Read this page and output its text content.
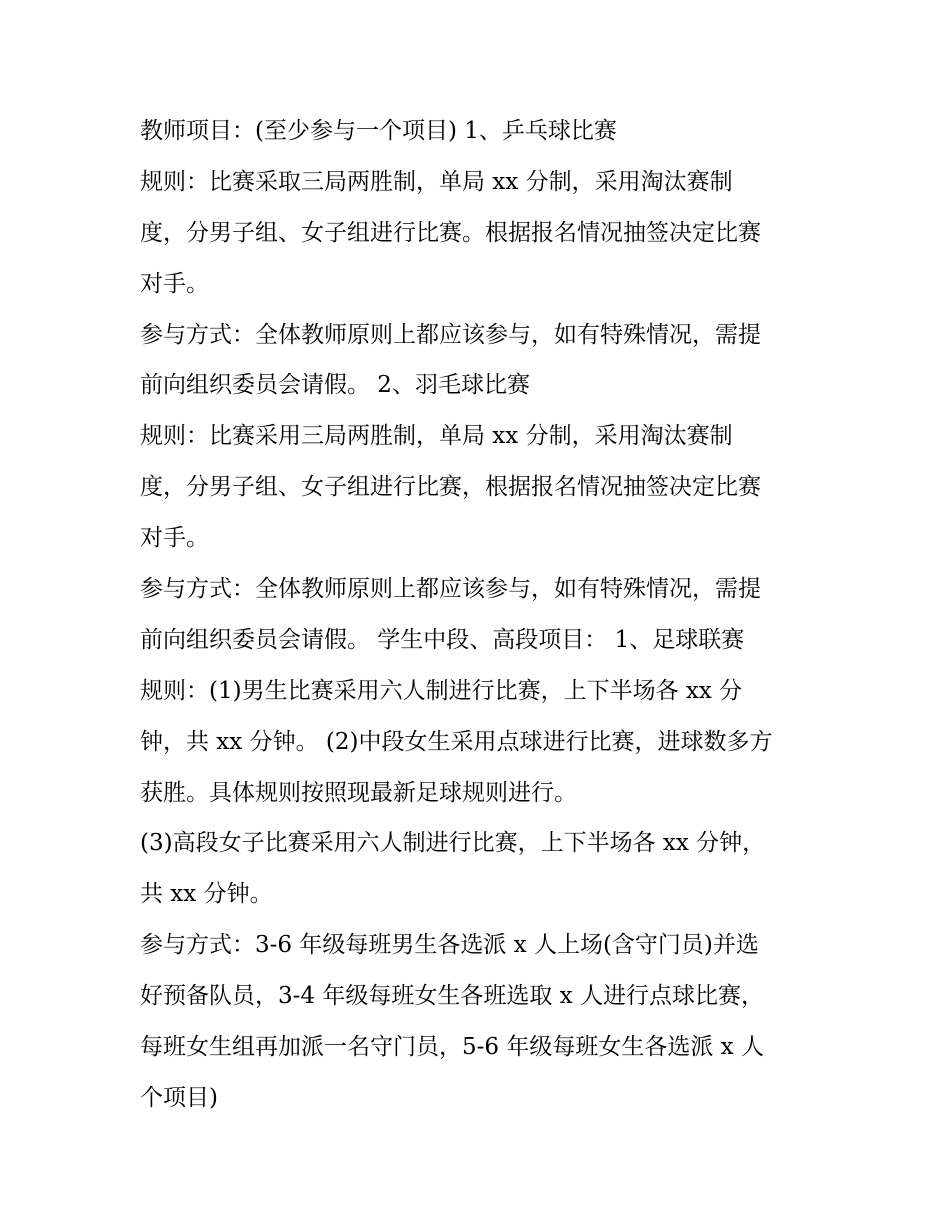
教师项目：(至少参与一个项目) 1、乒乓球比赛
规则：比赛采取三局两胜制，单局 xx 分制，采用淘汰赛制
度，分男子组、女子组进行比赛。根据报名情况抽签决定比赛
对手。
参与方式：全体教师原则上都应该参与，如有特殊情况，需提
前向组织委员会请假。 2、羽毛球比赛
规则：比赛采用三局两胜制，单局 xx 分制，采用淘汰赛制
度，分男子组、女子组进行比赛，根据报名情况抽签决定比赛
对手。
参与方式：全体教师原则上都应该参与，如有特殊情况，需提
前向组织委员会请假。 学生中段、高段项目： 1、足球联赛
规则：(1)男生比赛采用六人制进行比赛，上下半场各 xx 分
钟，共 xx 分钟。 (2)中段女生采用点球进行比赛，进球数多方
获胜。具体规则按照现最新足球规则进行。
(3)高段女子比赛采用六人制进行比赛，上下半场各 xx 分钟，
共 xx 分钟。
参与方式：3-6 年级每班男生各选派 x 人上场(含守门员)并选
好预备队员，3-4 年级每班女生各班选取 x 人进行点球比赛，
每班女生组再加派一名守门员，5-6 年级每班女生各选派 x 人
个项目)
